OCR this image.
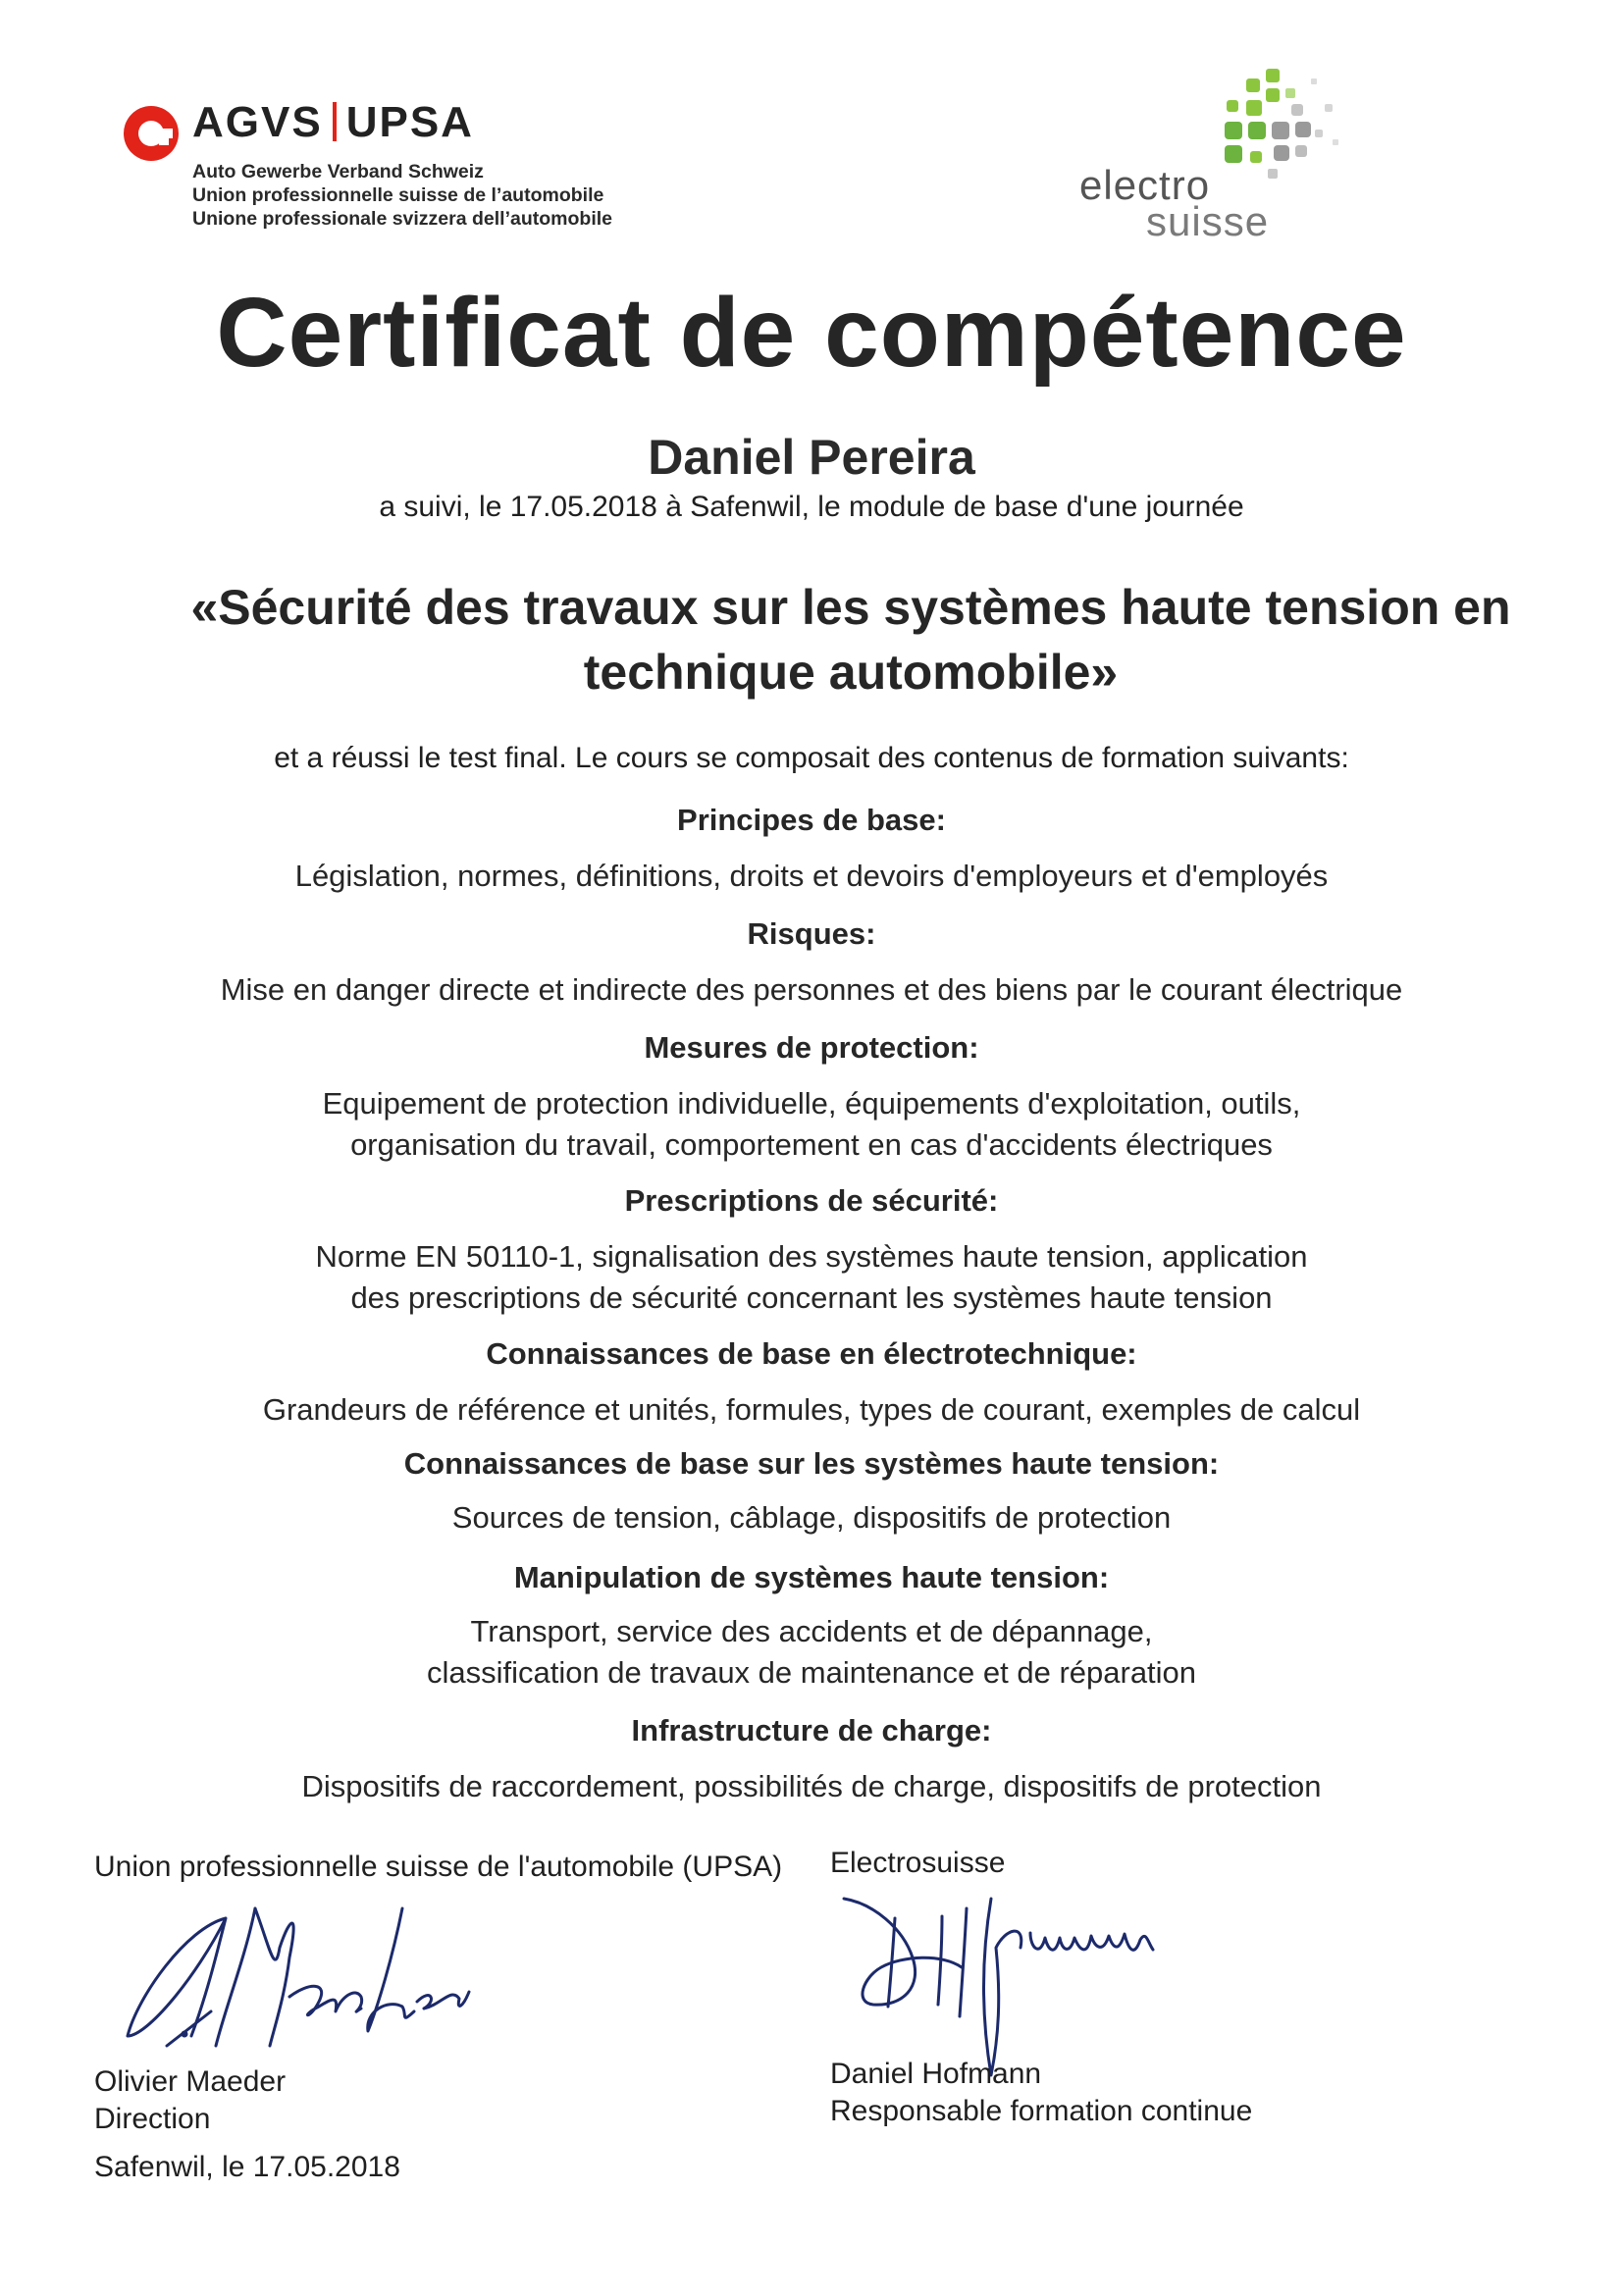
AGVS UPSA
Auto Gewerbe Verband Schweiz
Union professionnelle suisse de l’automobile
Unione professionale svizzera dell’automobile
electro
suisse
Certificat de compétence
Daniel Pereira
a suivi, le 17.05.2018 à Safenwil, le module de base d'une journée
«Sécurité des travaux sur les systèmes haute tension en
technique automobile»
et a réussi le test final. Le cours se composait des contenus de formation suivants:
Principes de base:
Législation, normes, définitions, droits et devoirs d'employeurs et d'employés
Risques:
Mise en danger directe et indirecte des personnes et des biens par le courant électrique
Mesures de protection:
Equipement de protection individuelle, équipements d'exploitation, outils,
organisation du travail, comportement en cas d'accidents électriques
Prescriptions de sécurité:
Norme EN 50110-1, signalisation des systèmes haute tension, application
des prescriptions de sécurité concernant les systèmes haute tension
Connaissances de base en électrotechnique:
Grandeurs de référence et unités, formules, types de courant, exemples de calcul
Connaissances de base sur les systèmes haute tension:
Sources de tension, câblage, dispositifs de protection
Manipulation de systèmes haute tension:
Transport, service des accidents et de dépannage,
classification de travaux de maintenance et de réparation
Infrastructure de charge:
Dispositifs de raccordement, possibilités de charge, dispositifs de protection
Union professionnelle suisse de l'automobile (UPSA) Electrosuisse
Olivier Maeder
Direction
Daniel Hofmann
Responsable formation continue
Safenwil, le 17.05.2018
